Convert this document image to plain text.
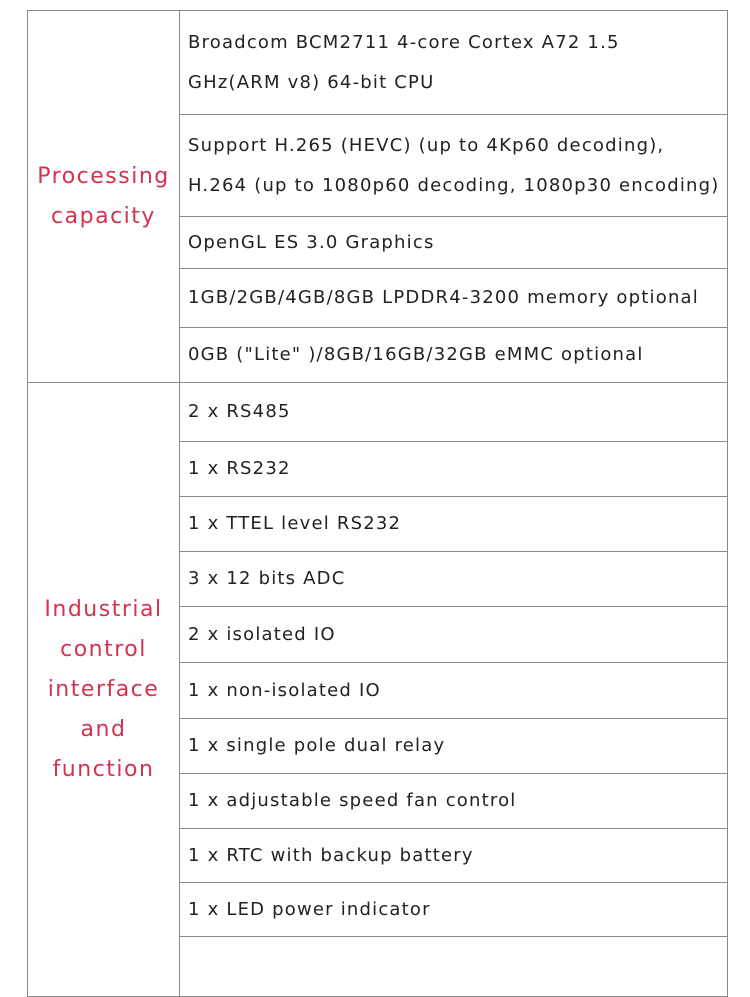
Processing
capacity	Broadcom BCM2711 4-core Cortex A72 1.5
GHz(ARM v8) 64-bit CPU

	Support H.265 (HEVC) (up to 4Kp60 decoding),
H.264 (up to 1080p60 decoding, 1080p30 encoding)

	OpenGL ES 3.0 Graphics

	1GB/2GB/4GB/8GB LPDDR4-3200 memory optional

	0GB ("Lite" )/8GB/16GB/32GB eMMC optional

Industrial
control
interface
and
function	2 x RS485

	1 x RS232

	1 x TTEL level RS232

	3 x 12 bits ADC

	2 x isolated IO

	1 x non-isolated IO

	1 x single pole dual relay

	1 x adjustable speed fan control

	1 x RTC with backup battery

	1 x LED power indicator
